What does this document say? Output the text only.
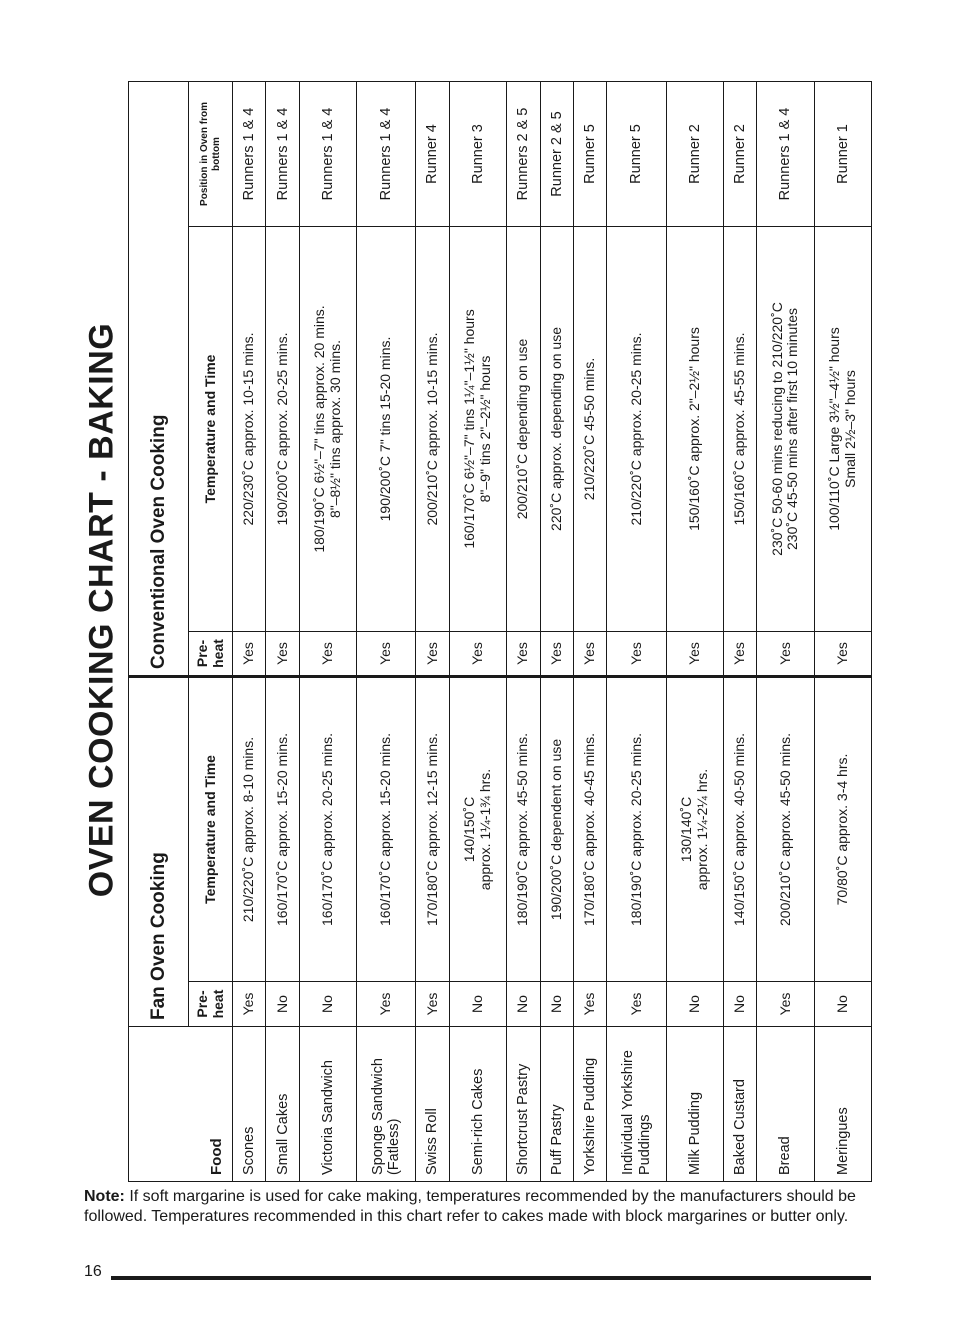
OVEN COOKING CHART - BAKING
Food	Fan Oven Cooking		Conventional Oven Cooking		
	Pre-heat	Temperature and Time	Pre-heat	Temperature and Time	Position in Oven from bottom
Scones	Yes	210/220˚C approx. 8-10 mins.	Yes	220/230˚C approx. 10-15 mins.	Runners 1 & 4
Small Cakes	No	160/170˚C approx. 15-20 mins.	Yes	190/200˚C approx. 20-25 mins.	Runners 1 & 4
Victoria Sandwich	No	160/170˚C approx. 20-25 mins.	Yes	180/190˚C 6½"–7" tins approx. 20 mins. 8"–8½" tins approx. 30 mins.	Runners 1 & 4
Sponge Sandwich (Fatless)	Yes	160/170˚C approx. 15-20 mins.	Yes	190/200˚C 7" tins 15-20 mins.	Runners 1 & 4
Swiss Roll	Yes	170/180˚C approx. 12-15 mins.	Yes	200/210˚C approx. 10-15 mins.	Runner 4
Semi-rich Cakes	No	140/150˚C approx. 1¼-1¾ hrs.	Yes	160/170˚C 6½"–7" tins 1¼"–1½" hours 8"–9" tins 2"–2½" hours	Runner 3
Shortcrust Pastry	No	180/190˚C approx. 45-50 mins.	Yes	200/210˚C depending on use	Runners 2 & 5
Puff Pastry	No	190/200˚C dependent on use	Yes	220˚C approx. depending on use	Runner 2 & 5
Yorkshire Pudding	Yes	170/180˚C approx. 40-45 mins.	Yes	210/220˚C 45-50 mins.	Runner 5
Individual Yorkshire Puddings	Yes	180/190˚C approx. 20-25 mins.	Yes	210/220˚C approx. 20-25 mins.	Runner 5
Milk Pudding	No	130/140˚C approx. 1¼-2¼ hrs.	Yes	150/160˚C approx. 2"–2½" hours	Runner 2
Baked Custard	No	140/150˚C approx. 40-50 mins.	Yes	150/160˚C approx. 45-55 mins.	Runner 2
Bread	Yes	200/210˚C approx. 45-50 mins.	Yes	230˚C 50-60 mins reducing to 210/220˚C 230˚C 45-50 mins after first 10 minutes	Runners 1 & 4
Meringues	No	70/80˚C approx. 3-4 hrs.	Yes	100/110˚C Large 3½"–4½" hours Small 2½–3" hours	Runner 1
Note: If soft margarine is used for cake making, temperatures recommended by the manufacturers should be followed. Temperatures recommended in this chart refer to cakes made with block margarines or butter only.
16
